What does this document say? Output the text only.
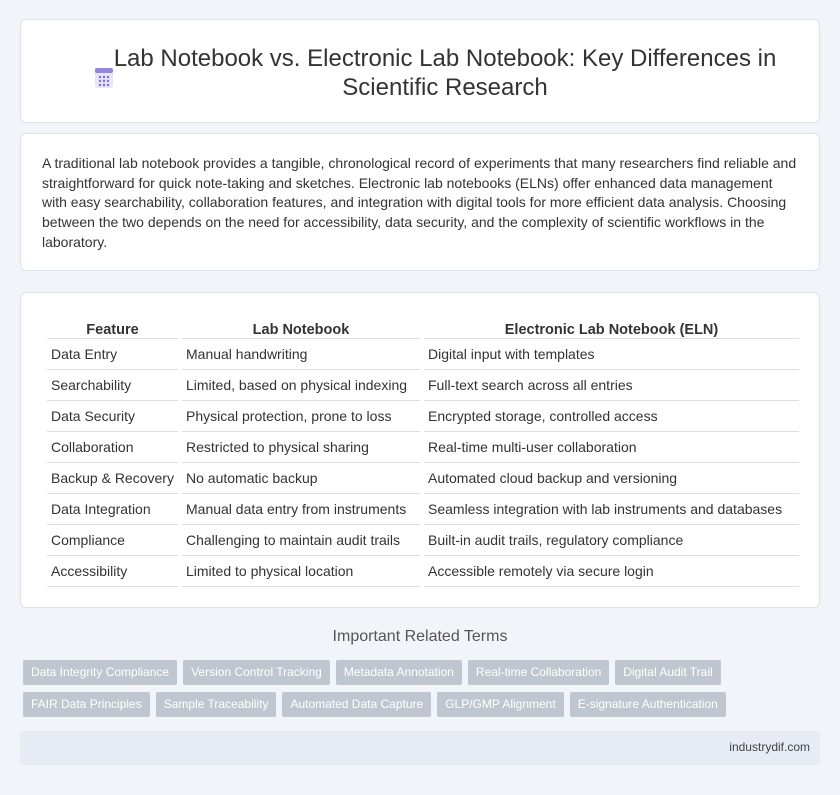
Lab Notebook vs. Electronic Lab Notebook: Key Differences in Scientific Research

A traditional lab notebook provides a tangible, chronological record of experiments that many researchers find reliable and straightforward for quick note-taking and sketches. Electronic lab notebooks (ELNs) offer enhanced data management with easy searchability, collaboration features, and integration with digital tools for more efficient data analysis. Choosing between the two depends on the need for accessibility, data security, and the complexity of scientific workflows in the laboratory.

Feature	Lab Notebook	Electronic Lab Notebook (ELN)
Data Entry	Manual handwriting	Digital input with templates
Searchability	Limited, based on physical indexing	Full-text search across all entries
Data Security	Physical protection, prone to loss	Encrypted storage, controlled access
Collaboration	Restricted to physical sharing	Real-time multi-user collaboration
Backup & Recovery	No automatic backup	Automated cloud backup and versioning
Data Integration	Manual data entry from instruments	Seamless integration with lab instruments and databases
Compliance	Challenging to maintain audit trails	Built-in audit trails, regulatory compliance
Accessibility	Limited to physical location	Accessible remotely via secure login
Important Related Terms
Data Integrity Compliance	Version Control Tracking	Metadata Annotation	Real-time Collaboration	Digital Audit Trail
FAIR Data Principles	Sample Traceability	Automated Data Capture	GLP/GMP Alignment	E-signature Authentication
industrydif.com
